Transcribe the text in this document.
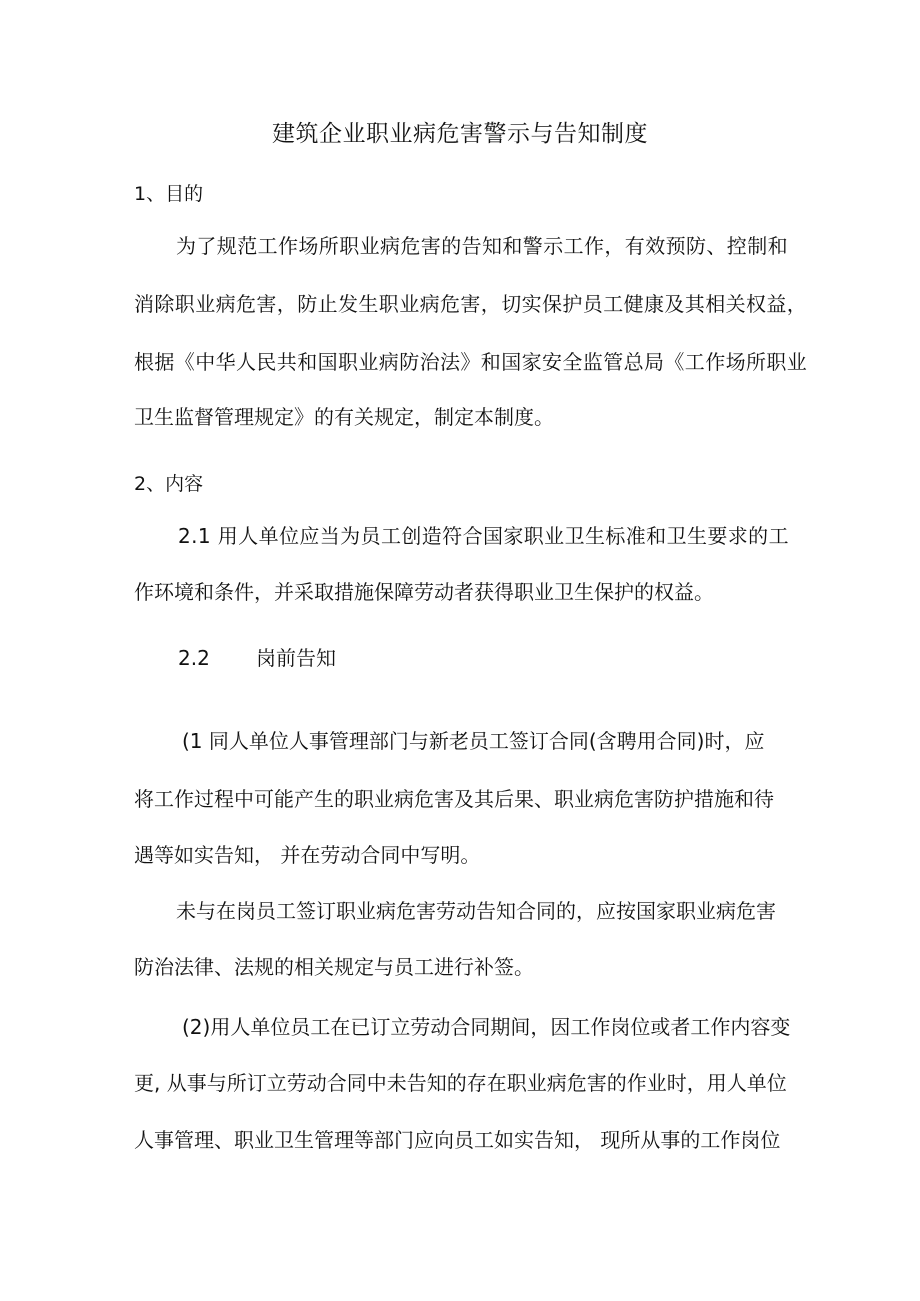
建筑企业职业病危害警示与告知制度

1、目的

为了规范工作场所职业病危害的告知和警示工作，有效预防、控制和

消除职业病危害，防止发生职业病危害，切实保护员工健康及其相关权益，

根据《中华人民共和国职业病防治法》和国家安全监管总局《工作场所职业

卫生监督管理规定》的有关规定，制定本制度。

2、内容

2.1 用人单位应当为员工创造符合国家职业卫生标准和卫生要求的工

作环境和条件，并采取措施保障劳动者获得职业卫生保护的权益。

2.2 岗前告知

(1 同人单位人事管理部门与新老员工签订合同(含聘用合同)时，应

将工作过程中可能产生的职业病危害及其后果、职业病危害防护措施和待

遇等如实告知， 并在劳动合同中写明。

未与在岗员工签订职业病危害劳动告知合同的，应按国家职业病危害

防治法律、法规的相关规定与员工进行补签。

(2)用人单位员工在已订立劳动合同期间，因工作岗位或者工作内容变

更, 从事与所订立劳动合同中未告知的存在职业病危害的作业时，用人单位

人事管理、职业卫生管理等部门应向员工如实告知， 现所从事的工作岗位
